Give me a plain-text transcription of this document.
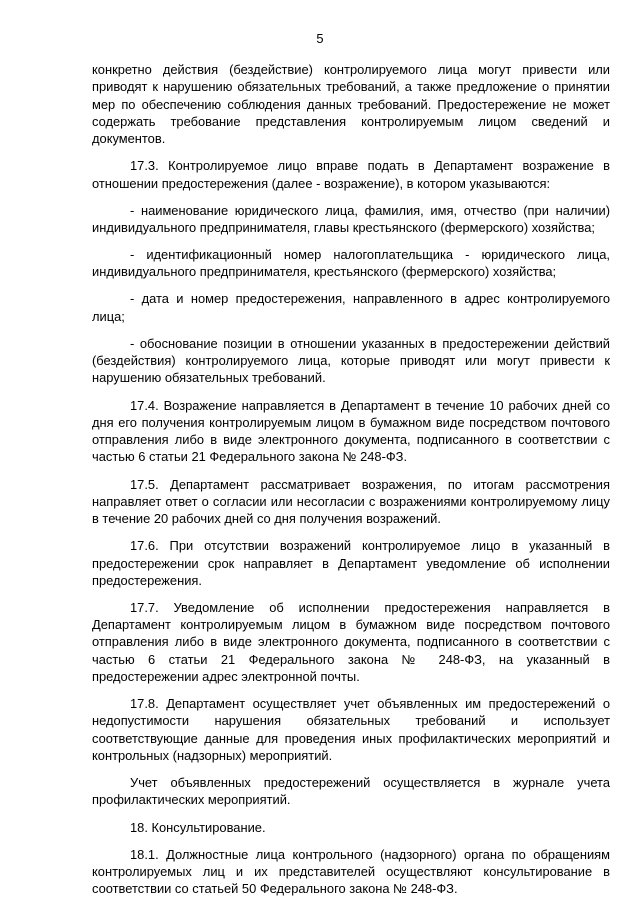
5

конкретно действия (бездействие) контролируемого лица могут привести или приводят к нарушению обязательных требований, а также предложение о принятии мер по обеспечению соблюдения данных требований. Предостережение не может содержать требование представления контролируемым лицом сведений и документов.

17.3. Контролируемое лицо вправе подать в Департамент возражение в отношении предостережения (далее - возражение), в котором указываются:

- наименование юридического лица, фамилия, имя, отчество (при наличии) индивидуального предпринимателя, главы крестьянского (фермерского) хозяйства;

- идентификационный номер налогоплательщика - юридического лица, индивидуального предпринимателя, крестьянского (фермерского) хозяйства;

- дата и номер предостережения, направленного в адрес контролируемого лица;

- обоснование позиции в отношении указанных в предостережении действий (бездействия) контролируемого лица, которые приводят или могут привести к нарушению обязательных требований.

17.4. Возражение направляется в Департамент в течение 10 рабочих дней со дня его получения контролируемым лицом в бумажном виде посредством почтового отправления либо в виде электронного документа, подписанного в соответствии с частью 6 статьи 21 Федерального закона № 248-ФЗ.

17.5. Департамент рассматривает возражения, по итогам рассмотрения направляет ответ о согласии или несогласии с возражениями контролируемому лицу в течение 20 рабочих дней со дня получения возражений.

17.6. При отсутствии возражений контролируемое лицо в указанный в предостережении срок направляет в Департамент уведомление об исполнении предостережения.

17.7. Уведомление об исполнении предостережения направляется в Департамент контролируемым лицом в бумажном виде посредством почтового отправления либо в виде электронного документа, подписанного в соответствии с частью 6 статьи 21 Федерального закона № 248-ФЗ, на указанный в предостережении адрес электронной почты.

17.8. Департамент осуществляет учет объявленных им предостережений о недопустимости нарушения обязательных требований и использует соответствующие данные для проведения иных профилактических мероприятий и контрольных (надзорных) мероприятий.

Учет объявленных предостережений осуществляется в журнале учета профилактических мероприятий.

18. Консультирование.

18.1. Должностные лица контрольного (надзорного) органа по обращениям контролируемых лиц и их представителей осуществляют консультирование в соответствии со статьей 50 Федерального закона № 248-ФЗ.
